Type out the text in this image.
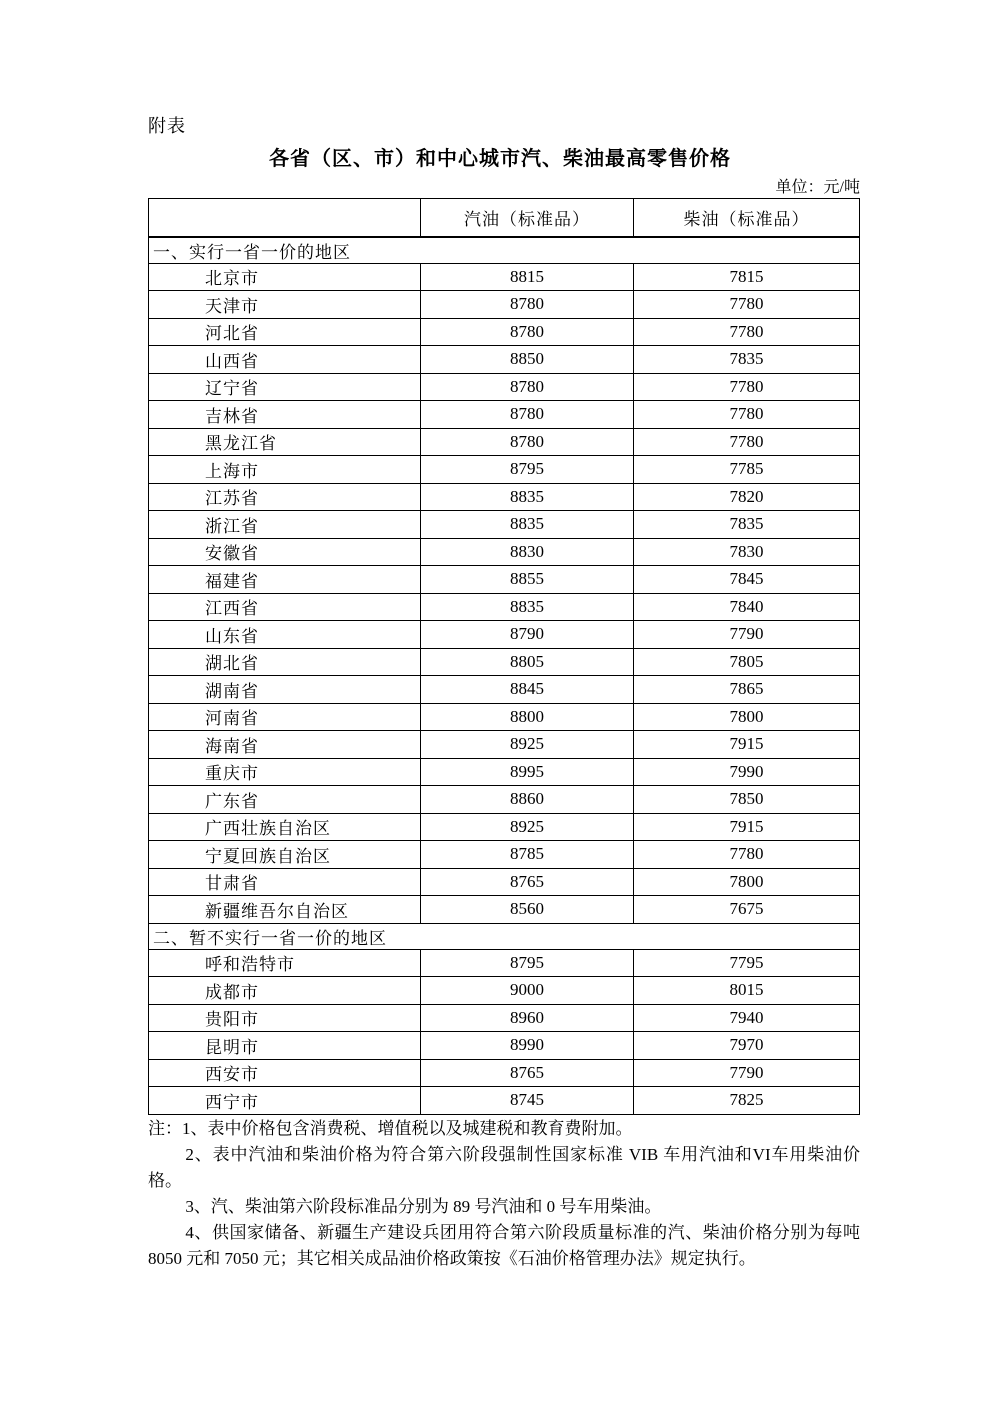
附表
各省（区、市）和中心城市汽、柴油最高零售价格
单位：元/吨
	汽油（标准品）	柴油（标准品）
一、实行一省一价的地区		
北京市	8815	7815
天津市	8780	7780
河北省	8780	7780
山西省	8850	7835
辽宁省	8780	7780
吉林省	8780	7780
黑龙江省	8780	7780
上海市	8795	7785
江苏省	8835	7820
浙江省	8835	7835
安徽省	8830	7830
福建省	8855	7845
江西省	8835	7840
山东省	8790	7790
湖北省	8805	7805
湖南省	8845	7865
河南省	8800	7800
海南省	8925	7915
重庆市	8995	7990
广东省	8860	7850
广西壮族自治区	8925	7915
宁夏回族自治区	8785	7780
甘肃省	8765	7800
新疆维吾尔自治区	8560	7675
二、暂不实行一省一价的地区		
呼和浩特市	8795	7795
成都市	9000	8015
贵阳市	8960	7940
昆明市	8990	7970
西安市	8765	7790
西宁市	8745	7825

注：1、表中价格包含消费税、增值税以及城建税和教育费附加。

2、表中汽油和柴油价格为符合第六阶段强制性国家标准 VIB 车用汽油和VI车用柴油价格。

3、汽、柴油第六阶段标准品分别为 89 号汽油和 0 号车用柴油。

4、供国家储备、新疆生产建设兵团用符合第六阶段质量标准的汽、柴油价格分别为每吨 8050 元和 7050 元；其它相关成品油价格政策按《石油价格管理办法》规定执行。
